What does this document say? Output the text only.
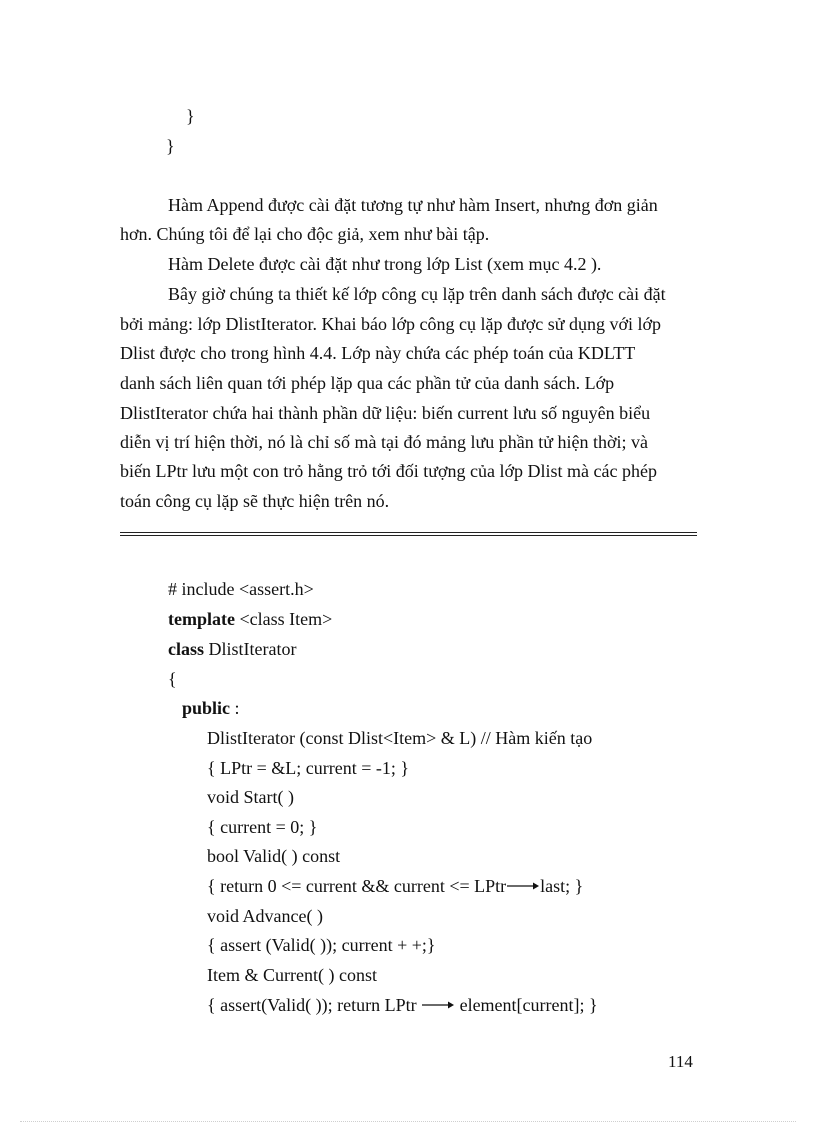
}
}
Hàm Append được cài đặt tương tự như hàm Insert, nhưng đơn giản
hơn. Chúng tôi để lại cho độc giả, xem như bài tập.
Hàm Delete được cài đặt như trong lớp List (xem mục 4.2 ).
Bây giờ chúng ta thiết kế lớp công cụ lặp trên danh sách được cài đặt
bởi mảng: lớp DlistIterator. Khai báo lớp công cụ lặp được sử dụng với lớp
Dlist được cho trong hình 4.4. Lớp này chứa các phép toán của KDLTT
danh sách liên quan tới phép lặp qua các phần tử của danh sách. Lớp
DlistIterator chứa hai thành phần dữ liệu: biến current lưu số nguyên biểu
diễn vị trí hiện thời, nó là chỉ số mà tại đó mảng lưu phần tử hiện thời; và
biến LPtr lưu một con trỏ hằng trỏ tới đối tượng của lớp Dlist mà các phép
toán công cụ lặp sẽ thực hiện trên nó.
# include <assert.h>
template <class Item>
class DlistIterator
{
public :
DlistIterator (const Dlist<Item> & L) // Hàm kiến tạo
{ LPtr = &L; current = -1; }
void Start( )
{ current = 0; }
bool Valid( ) const
{ return 0 <= current && current <= LPtr last; }
void Advance( )
{ assert (Valid( )); current + +;}
Item & Current( ) const
{ assert(Valid( )); return LPtr  element[current]; }
114
